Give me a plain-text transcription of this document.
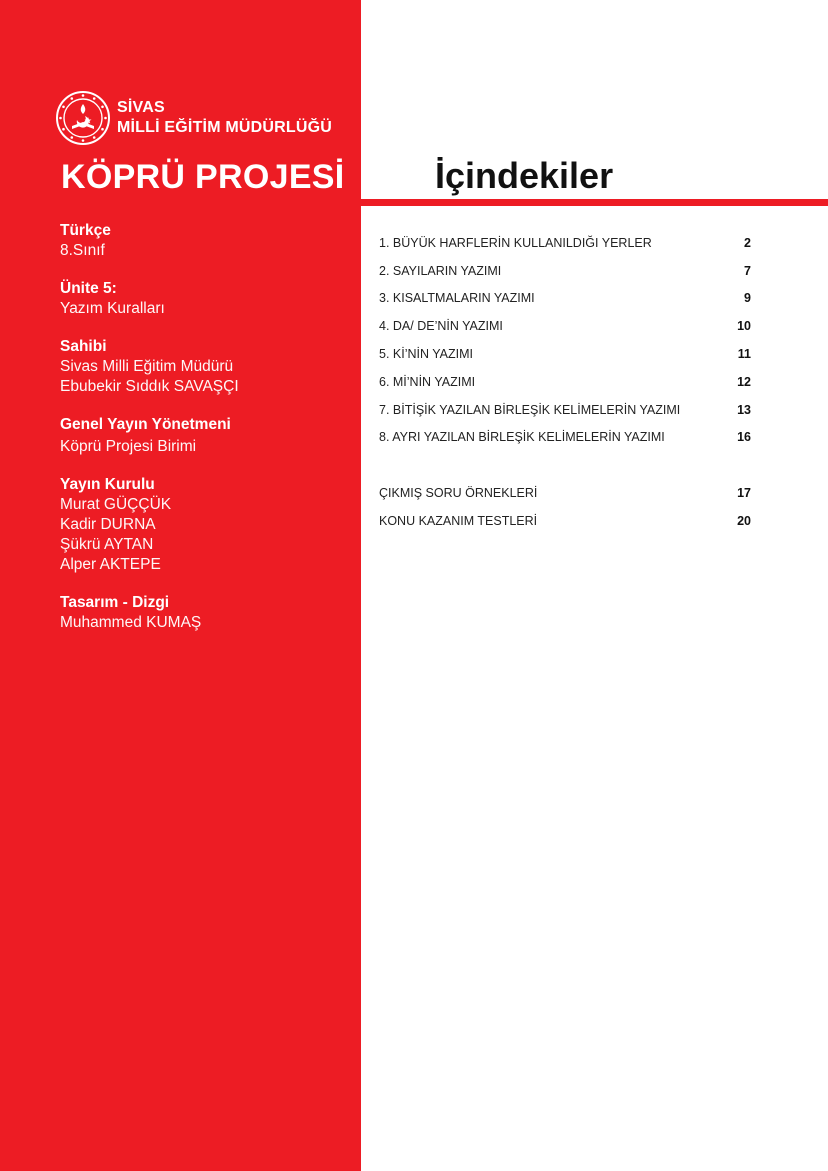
SİVAS
MİLLİ EĞİTİM MÜDÜRLÜĞÜ
KÖPRÜ PROJESİ
Türkçe
8.Sınıf
Ünite 5:
Yazım Kuralları
Sahibi
Sivas Milli Eğitim Müdürü
Ebubekir Sıddık SAVAŞÇI
Genel Yayın Yönetmeni
Köprü Projesi Birimi
Yayın Kurulu
Murat GÜÇÇÜK
Kadir DURNA
Şükrü AYTAN
Alper AKTEPE
Tasarım - Dizgi
Muhammed KUMAŞ
İçindekiler
1. BÜYÜK HARFLERİN KULLANILDIĞI YERLER	2
2. SAYILARIN YAZIMI	7
3. KISALTMALARIN YAZIMI	9
4. DA/ DE’NİN YAZIMI	10
5. Kİ’NİN YAZIMI	11
6. Mİ’NİN YAZIMI	12
7. BİTİŞİK YAZILAN BİRLEŞİK KELİMELERİN YAZIMI	13
8. AYRI YAZILAN BİRLEŞİK KELİMELERİN YAZIMI	16
ÇIKMIŞ SORU ÖRNEKLERİ	17
KONU KAZANIM TESTLERİ	20
